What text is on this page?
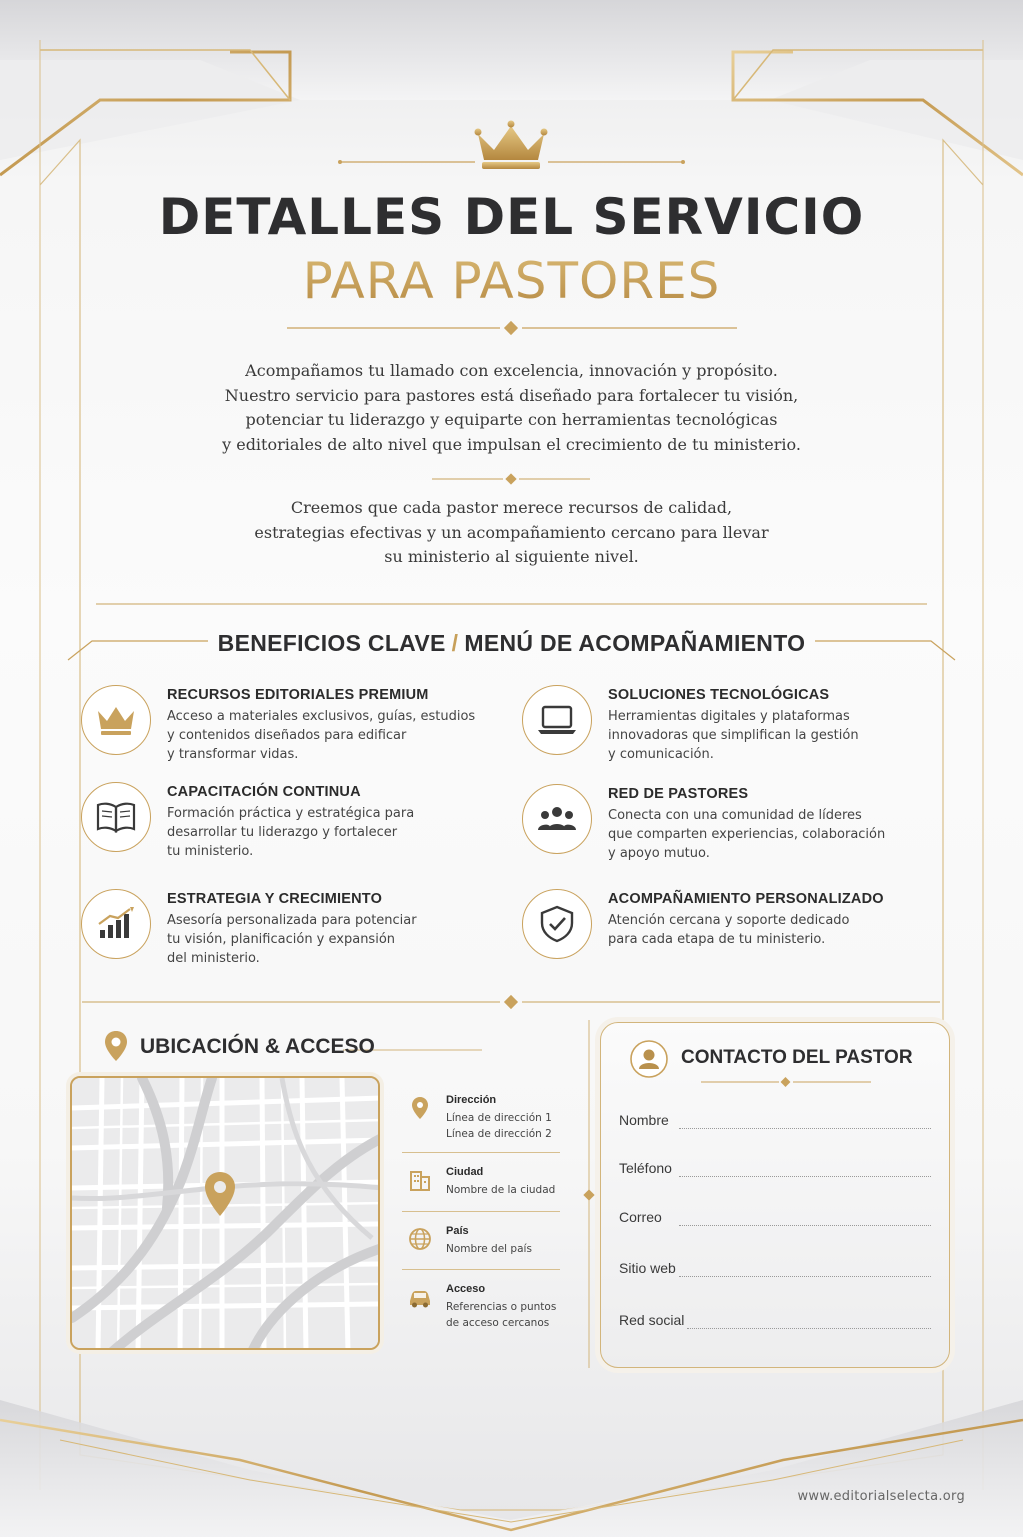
DETALLES DEL SERVICIO
PARA PASTORES
Acompañamos tu llamado con excelencia, innovación y propósito.
Nuestro servicio para pastores está diseñado para fortalecer tu visión,
potenciar tu liderazgo y equiparte con herramientas tecnológicas
y editoriales de alto nivel que impulsan el crecimiento de tu ministerio.
Creemos que cada pastor merece recursos de calidad,
estrategias efectivas y un acompañamiento cercano para llevar
su ministerio al siguiente nivel.
BENEFICIOS CLAVE / MENÚ DE ACOMPAÑAMIENTO
RECURSOS EDITORIALES PREMIUM
Acceso a materiales exclusivos, guías, estudios
y contenidos diseñados para edificar
y transformar vidas.
SOLUCIONES TECNOLÓGICAS
Herramientas digitales y plataformas
innovadoras que simplifican la gestión
y comunicación.
CAPACITACIÓN CONTINUA
Formación práctica y estratégica para
desarrollar tu liderazgo y fortalecer
tu ministerio.
RED DE PASTORES
Conecta con una comunidad de líderes
que comparten experiencias, colaboración
y apoyo mutuo.
ESTRATEGIA Y CRECIMIENTO
Asesoría personalizada para potenciar
tu visión, planificación y expansión
del ministerio.
ACOMPAÑAMIENTO PERSONALIZADO
Atención cercana y soporte dedicado
para cada etapa de tu ministerio.
UBICACIÓN & ACCESO
Dirección
Línea de dirección 1
Línea de dirección 2
Ciudad
Nombre de la ciudad
País
Nombre del país
Acceso
Referencias o puntos
de acceso cercanos
CONTACTO DEL PASTOR
Nombre
Teléfono
Correo
Sitio web
Red social
www.editorialselecta.org
